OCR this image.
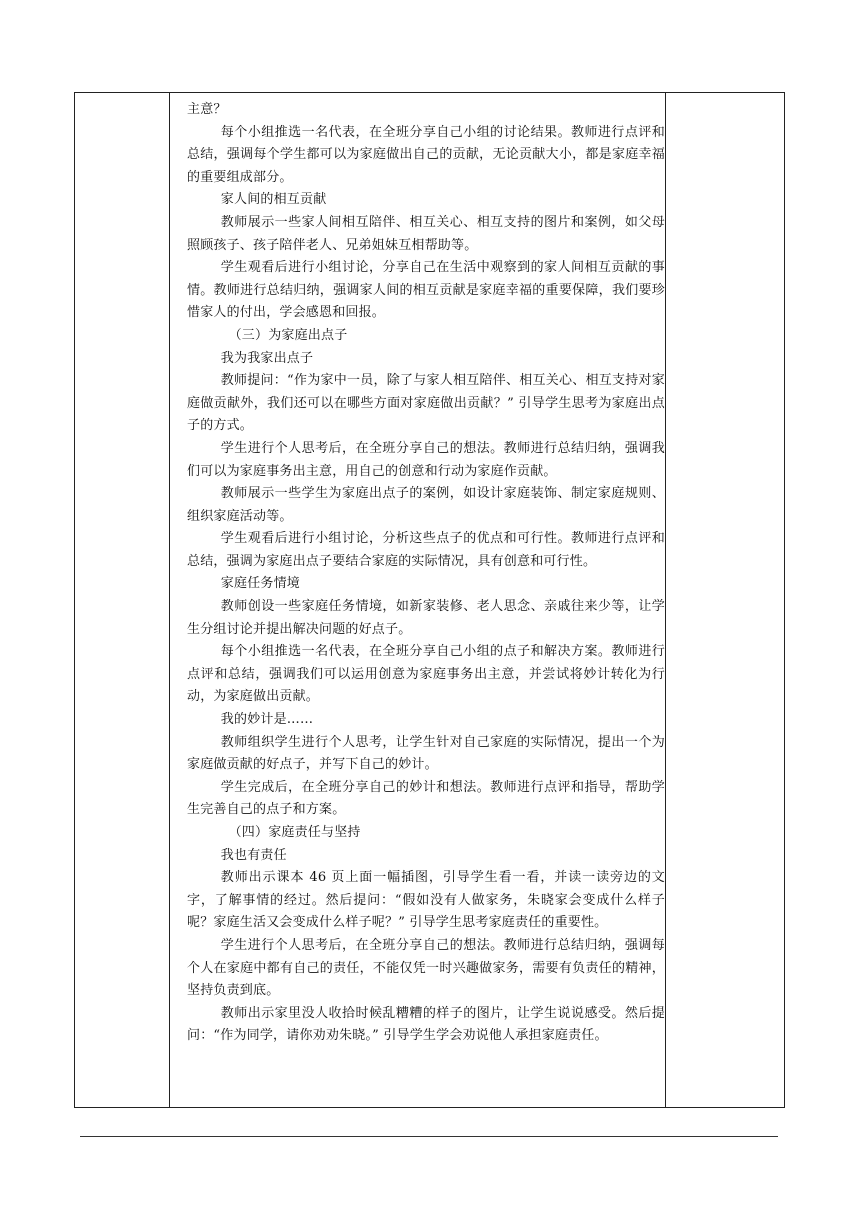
主意？

每个小组推选一名代表，在全班分享自己小组的讨论结果。教师进行点评和总结，强调每个学生都可以为家庭做出自己的贡献，无论贡献大小，都是家庭幸福的重要组成部分。

家人间的相互贡献

教师展示一些家人间相互陪伴、相互关心、相互支持的图片和案例，如父母照顾孩子、孩子陪伴老人、兄弟姐妹互相帮助等。

学生观看后进行小组讨论，分享自己在生活中观察到的家人间相互贡献的事情。教师进行总结归纳，强调家人间的相互贡献是家庭幸福的重要保障，我们要珍惜家人的付出，学会感恩和回报。

（三）为家庭出点子

我为我家出点子

教师提问：“作为家中一员，除了与家人相互陪伴、相互关心、相互支持对家庭做贡献外，我们还可以在哪些方面对家庭做出贡献？” 引导学生思考为家庭出点子的方式。

学生进行个人思考后，在全班分享自己的想法。教师进行总结归纳，强调我们可以为家庭事务出主意，用自己的创意和行动为家庭作贡献。

教师展示一些学生为家庭出点子的案例，如设计家庭装饰、制定家庭规则、组织家庭活动等。

学生观看后进行小组讨论，分析这些点子的优点和可行性。教师进行点评和总结，强调为家庭出点子要结合家庭的实际情况，具有创意和可行性。

家庭任务情境

教师创设一些家庭任务情境，如新家装修、老人思念、亲戚往来少等，让学生分组讨论并提出解决问题的好点子。

每个小组推选一名代表，在全班分享自己小组的点子和解决方案。教师进行点评和总结，强调我们可以运用创意为家庭事务出主意，并尝试将妙计转化为行动，为家庭做出贡献。

我的妙计是……

教师组织学生进行个人思考，让学生针对自己家庭的实际情况，提出一个为家庭做贡献的好点子，并写下自己的妙计。

学生完成后，在全班分享自己的妙计和想法。教师进行点评和指导，帮助学生完善自己的点子和方案。

（四）家庭责任与坚持

我也有责任

教师出示课本 46 页上面一幅插图，引导学生看一看，并读一读旁边的文字，了解事情的经过。然后提问：“假如没有人做家务，朱晓家会变成什么样子呢？家庭生活又会变成什么样子呢？” 引导学生思考家庭责任的重要性。

学生进行个人思考后，在全班分享自己的想法。教师进行总结归纳，强调每个人在家庭中都有自己的责任，不能仅凭一时兴趣做家务，需要有负责任的精神，坚持负责到底。

教师出示家里没人收拾时候乱糟糟的样子的图片，让学生说说感受。然后提问：“作为同学，请你劝劝朱晓。” 引导学生学会劝说他人承担家庭责任。
